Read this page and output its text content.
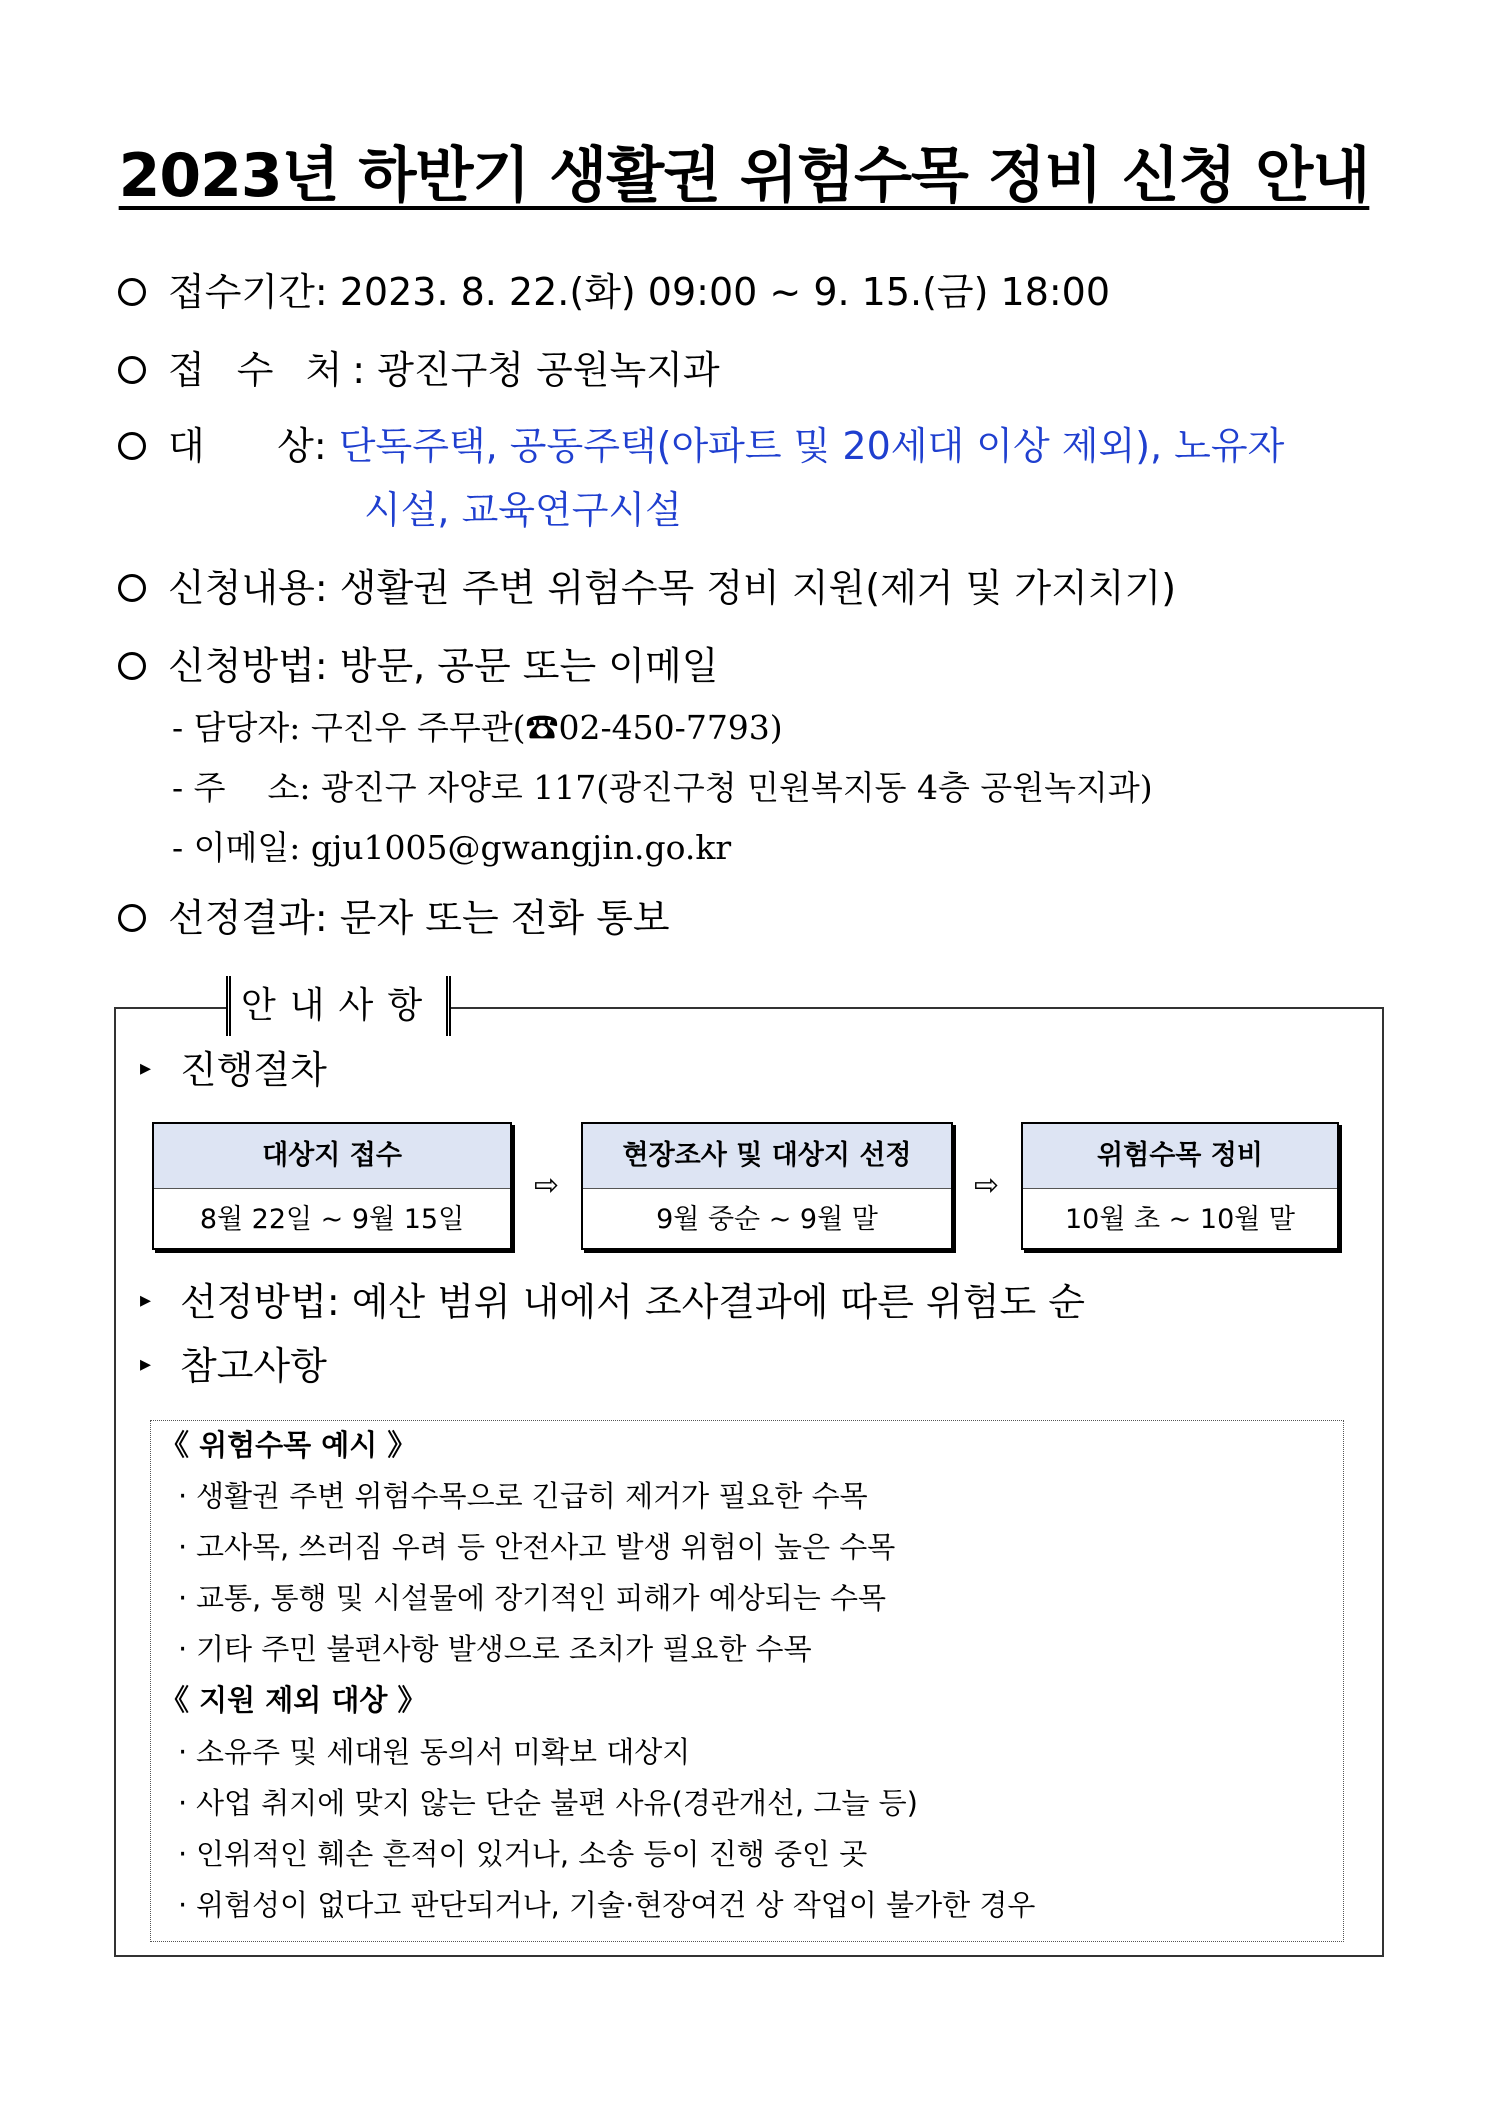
2023년 하반기 생활권 위험수목 정비 신청 안내
접수기간: 2023. 8. 22.(화) 09:00 ~ 9. 15.(금) 18:00
접 수 처: 광진구청 공원녹지과
대      상: 단독주택, 공동주택(아파트 및 20세대 이상 제외), 노유자
시설, 교육연구시설
신청내용: 생활권 주변 위험수목 정비 지원(제거 및 가지치기)
신청방법: 방문, 공문 또는 이메일
- 담당자: 구진우 주무관(☎02-450-7793)
- 주    소: 광진구 자양로 117(광진구청 민원복지동 4층 공원녹지과)
- 이메일: gju1005@gwangjin.go.kr
선정결과: 문자 또는 전화 통보
안내사항
▸ 진행절차
대상지 접수
8월 22일 ~ 9월 15일
⇨
현장조사 및 대상지 선정
9월 중순 ~ 9월 말
⇨
위험수목 정비
10월 초 ~ 10월 말
▸ 선정방법: 예산 범위 내에서 조사결과에 따른 위험도 순
▸ 참고사항
《 위험수목 예시 》
· 생활권 주변 위험수목으로 긴급히 제거가 필요한 수목
· 고사목, 쓰러짐 우려 등 안전사고 발생 위험이 높은 수목
· 교통, 통행 및 시설물에 장기적인 피해가 예상되는 수목
· 기타 주민 불편사항 발생으로 조치가 필요한 수목
《 지원 제외 대상 》
· 소유주 및 세대원 동의서 미확보 대상지
· 사업 취지에 맞지 않는 단순 불편 사유(경관개선, 그늘 등)
· 인위적인 훼손 흔적이 있거나, 소송 등이 진행 중인 곳
· 위험성이 없다고 판단되거나, 기술·현장여건 상 작업이 불가한 경우
